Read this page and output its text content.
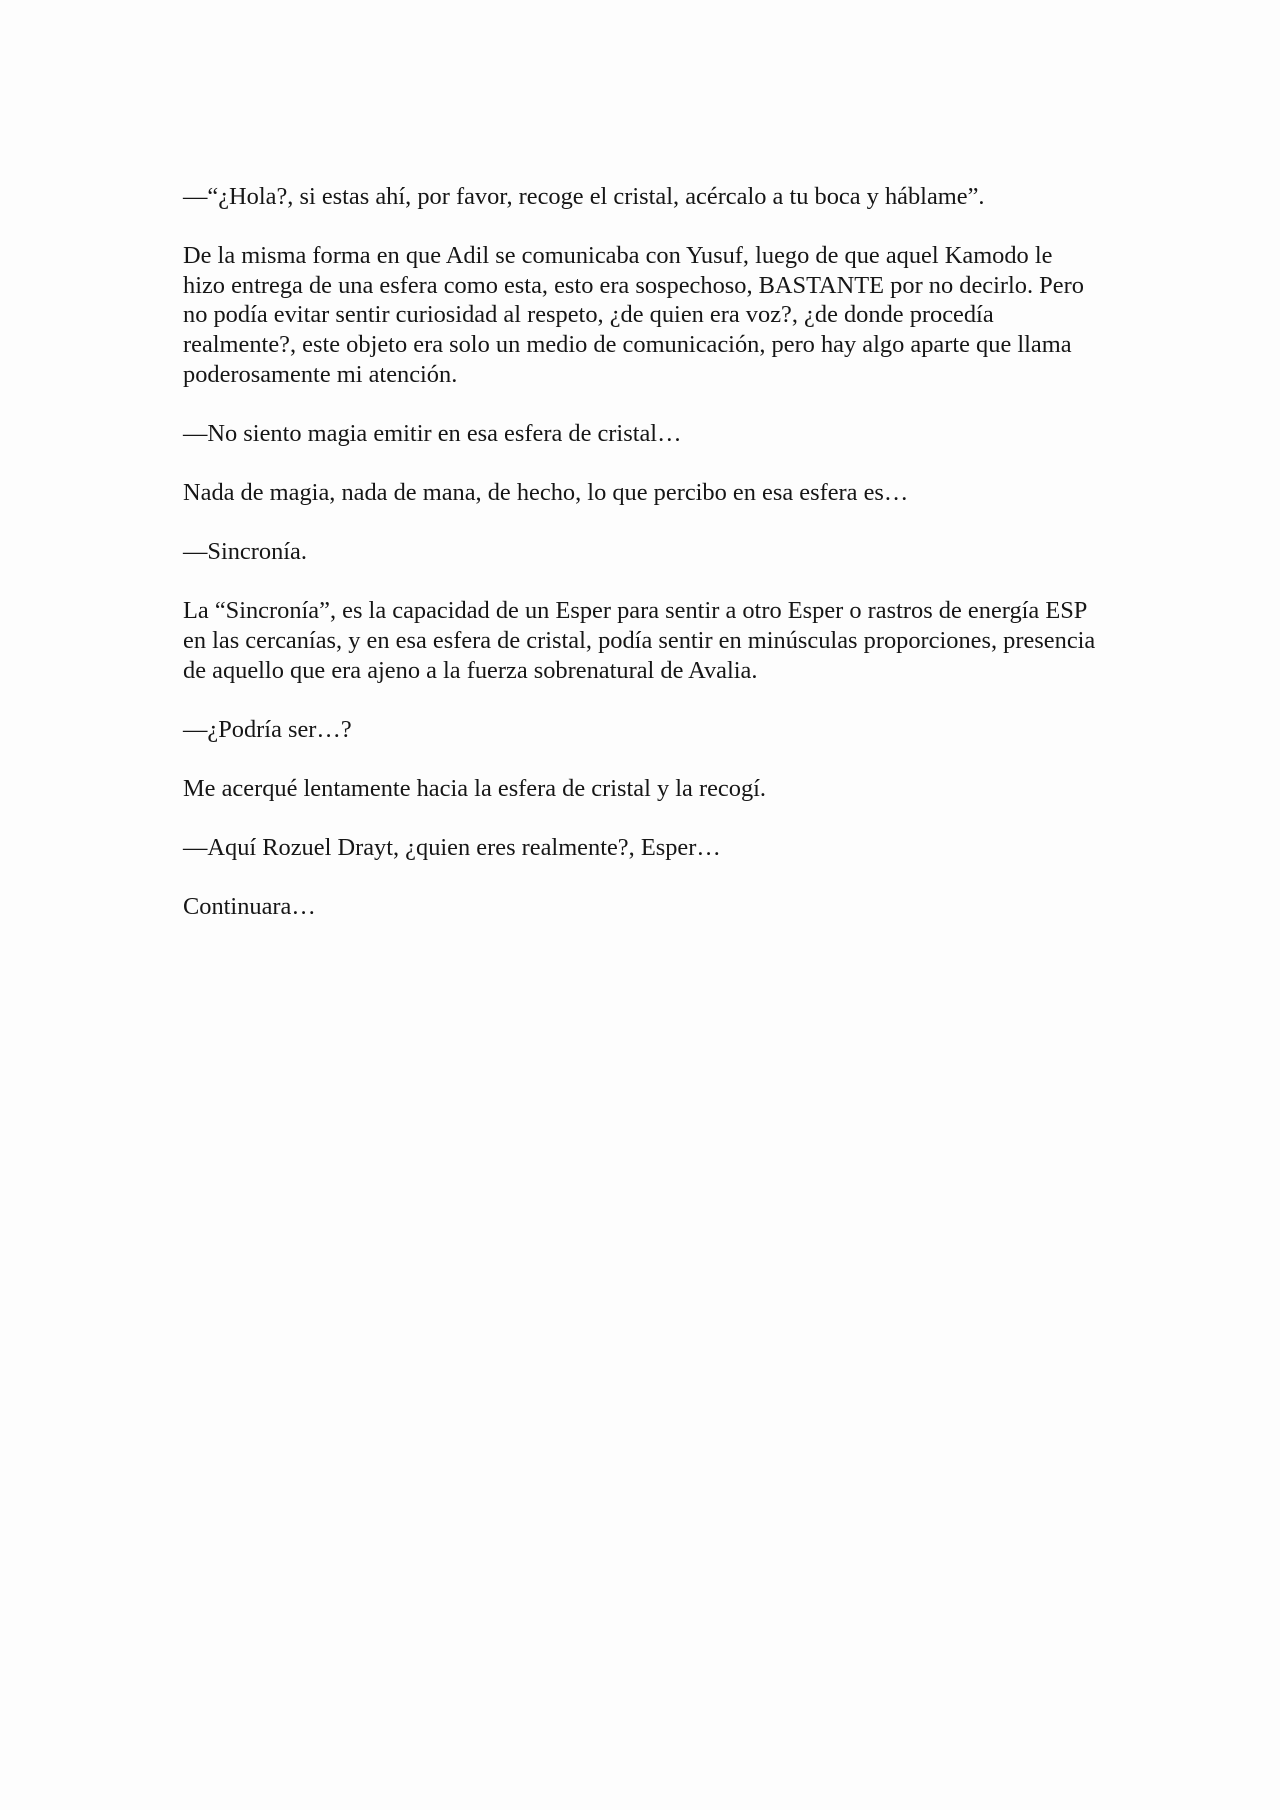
—“¿Hola?, si estas ahí, por favor, recoge el cristal, acércalo a tu boca y háblame”.

De la misma forma en que Adil se comunicaba con Yusuf, luego de que aquel Kamodo le hizo entrega de una esfera como esta, esto era sospechoso, BASTANTE por no decirlo. Pero no podía evitar sentir curiosidad al respeto, ¿de quien era voz?, ¿de donde procedía realmente?, este objeto era solo un medio de comunicación, pero hay algo aparte que llama poderosamente mi atención.

—No siento magia emitir en esa esfera de cristal…

Nada de magia, nada de mana, de hecho, lo que percibo en esa esfera es…

—Sincronía.

La “Sincronía”, es la capacidad de un Esper para sentir a otro Esper o rastros de energía ESP en las cercanías, y en esa esfera de cristal, podía sentir en minúsculas proporciones, presencia de aquello que era ajeno a la fuerza sobrenatural de Avalia.

—¿Podría ser…?

Me acerqué lentamente hacia la esfera de cristal y la recogí.

—Aquí Rozuel Drayt, ¿quien eres realmente?, Esper…

Continuara…
